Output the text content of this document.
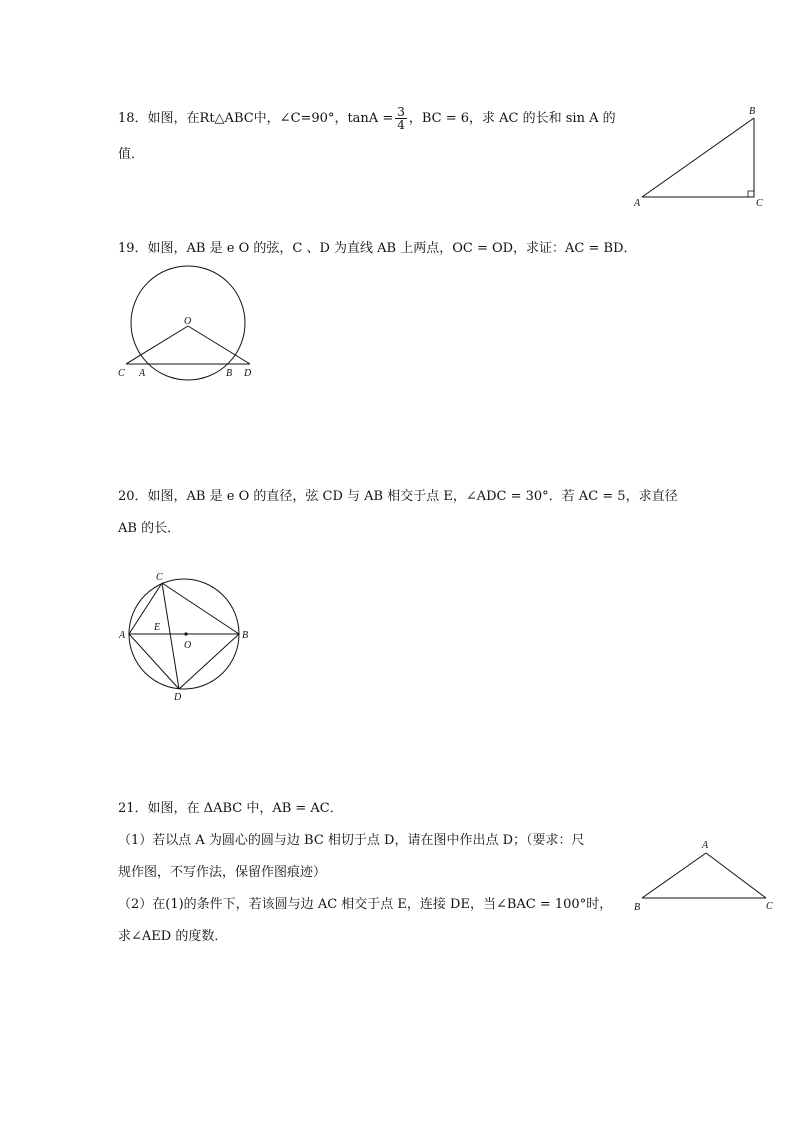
18．如图，在Rt△ABC中，∠C=90°，$\tan A = \frac{3}{4}$ ，BC = 6，求 AC 的长和 sin A 的
值．
A
B
C
19．如图，AB 是 e O 的弦，C 、D 为直线 AB 上两点，OC = OD，求证：AC = BD．
O
C A	B D
20．如图，AB 是 e O 的直径，弦 CD 与 AB 相交于点 E，∠ADC = 30°．若 AC = 5，求直径
AB 的长．
C
A
E
O
B
D
21．如图，在 ΔABC 中，AB = AC．
（1）若以点 A 为圆心的圆与边 BC 相切于点 D，请在图中作出点 D；（要求：尺
规作图，不写作法，保留作图痕迹）
（2）在(1)的条件下，若该圆与边 AC 相交于点 E，连接 DE，当∠BAC = 100°时，
求∠AED 的度数．
A
B	C
